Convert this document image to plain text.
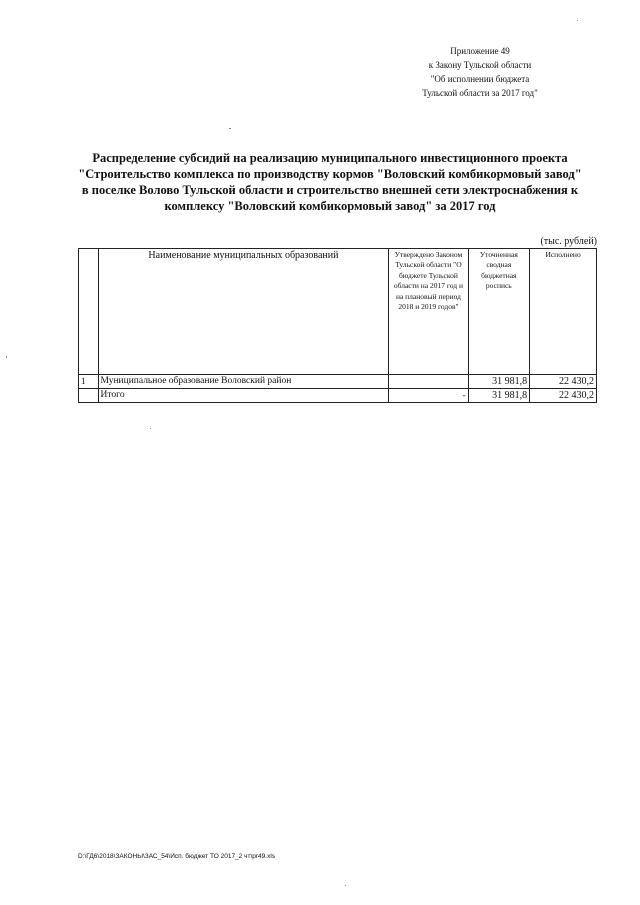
Приложение 49
к Закону Тульской области
"Об исполнении бюджета
Тульской области за 2017 год"
Распределение субсидий на реализацию муниципального инвестиционного проекта
"Строительство комплекса по производству кормов "Воловский комбикормовый завод"
в поселке Волово Тульской области и строительство внешней сети электроснабжения к
комплексу "Воловский комбикормовый завод" за 2017 год
(тыс. рублей)
	Наименование муниципальных образований	Утверждено Законом Тульской области "О бюджете Тульской области на 2017 год и на плановый период 2018 и 2019 годов"	Уточненная сводная бюджетная роспись	Исполнено
1	Муниципальное образование Воловский район		31 981,8	22 430,2
	Итого	-	31 981,8	22 430,2
D:\ГД6\2018\ЗАКОНЫ\ЗАС_54\Исп. бюджет ТО 2017_2 чт\pr49.xls
